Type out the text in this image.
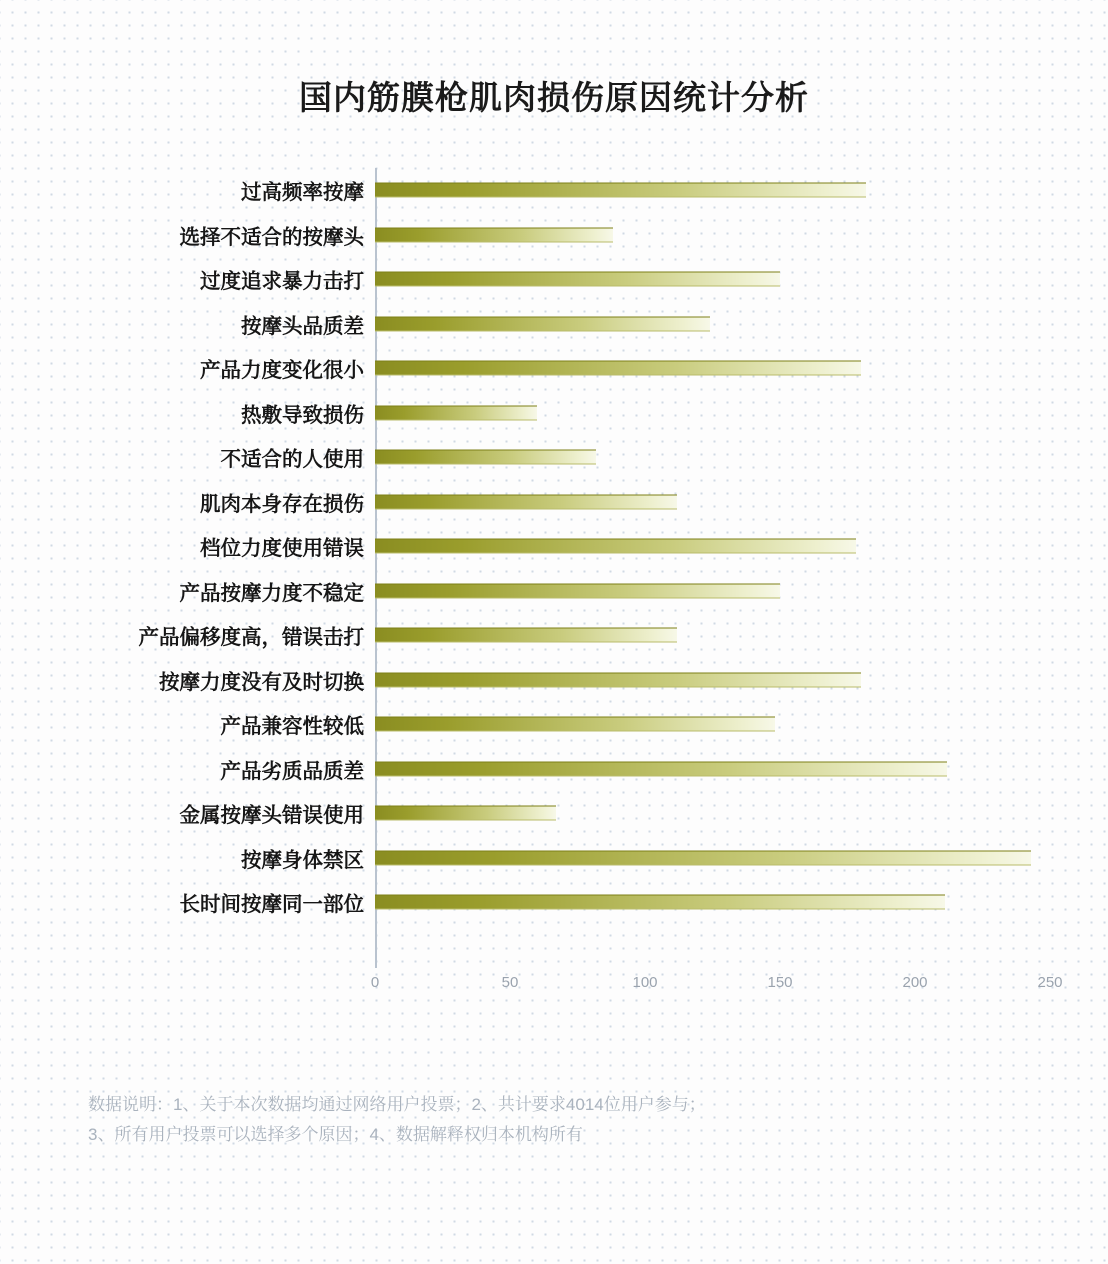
国内筋膜枪肌肉损伤原因统计分析
过高频率按摩
选择不适合的按摩头
过度追求暴力击打
按摩头品质差
产品力度变化很小
热敷导致损伤
不适合的人使用
肌肉本身存在损伤
档位力度使用错误
产品按摩力度不稳定
产品偏移度高，错误击打
按摩力度没有及时切换
产品兼容性较低
产品劣质品质差
金属按摩头错误使用
按摩身体禁区
长时间按摩同一部位
0	50	100	150	200	250
数据说明：1、关于本次数据均通过网络用户投票；2、共计要求4014位用户参与；
3、所有用户投票可以选择多个原因；4、数据解释权归本机构所有
